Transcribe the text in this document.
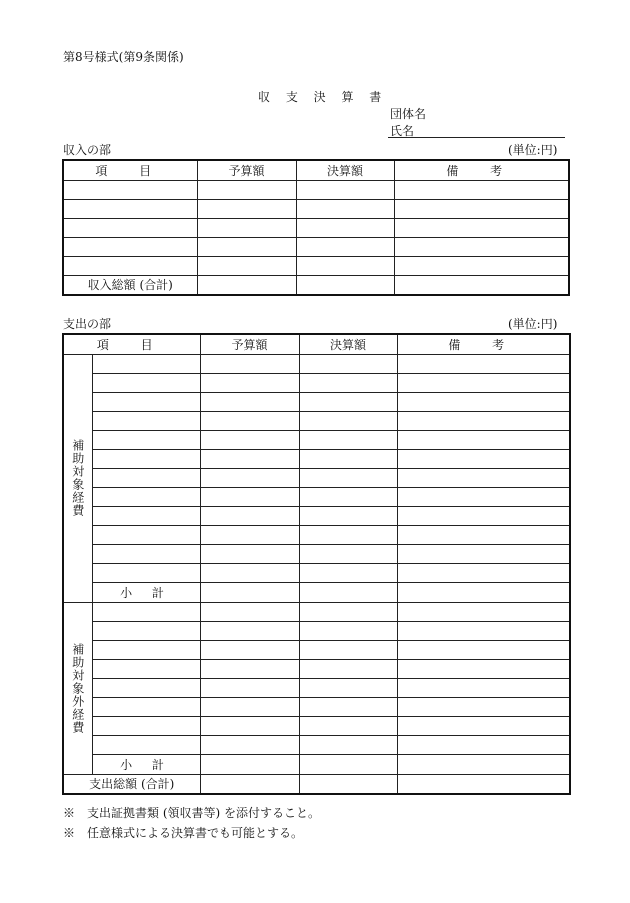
第8号様式(第9条関係)
収 支 決 算 書
団体名
氏名
収入の部	(単位:円)
項 目	予算額	決算額	備 考

収入総額 (合計)			
支出の部	(単位:円)
項 目		予算額	決算額	備 考

補助対象経費				

	小 計			

補助対象外経費				

	小 計			
支出総額 (合計)				
※　支出証拠書類 (領収書等) を添付すること。
※　任意様式による決算書でも可能とする。
